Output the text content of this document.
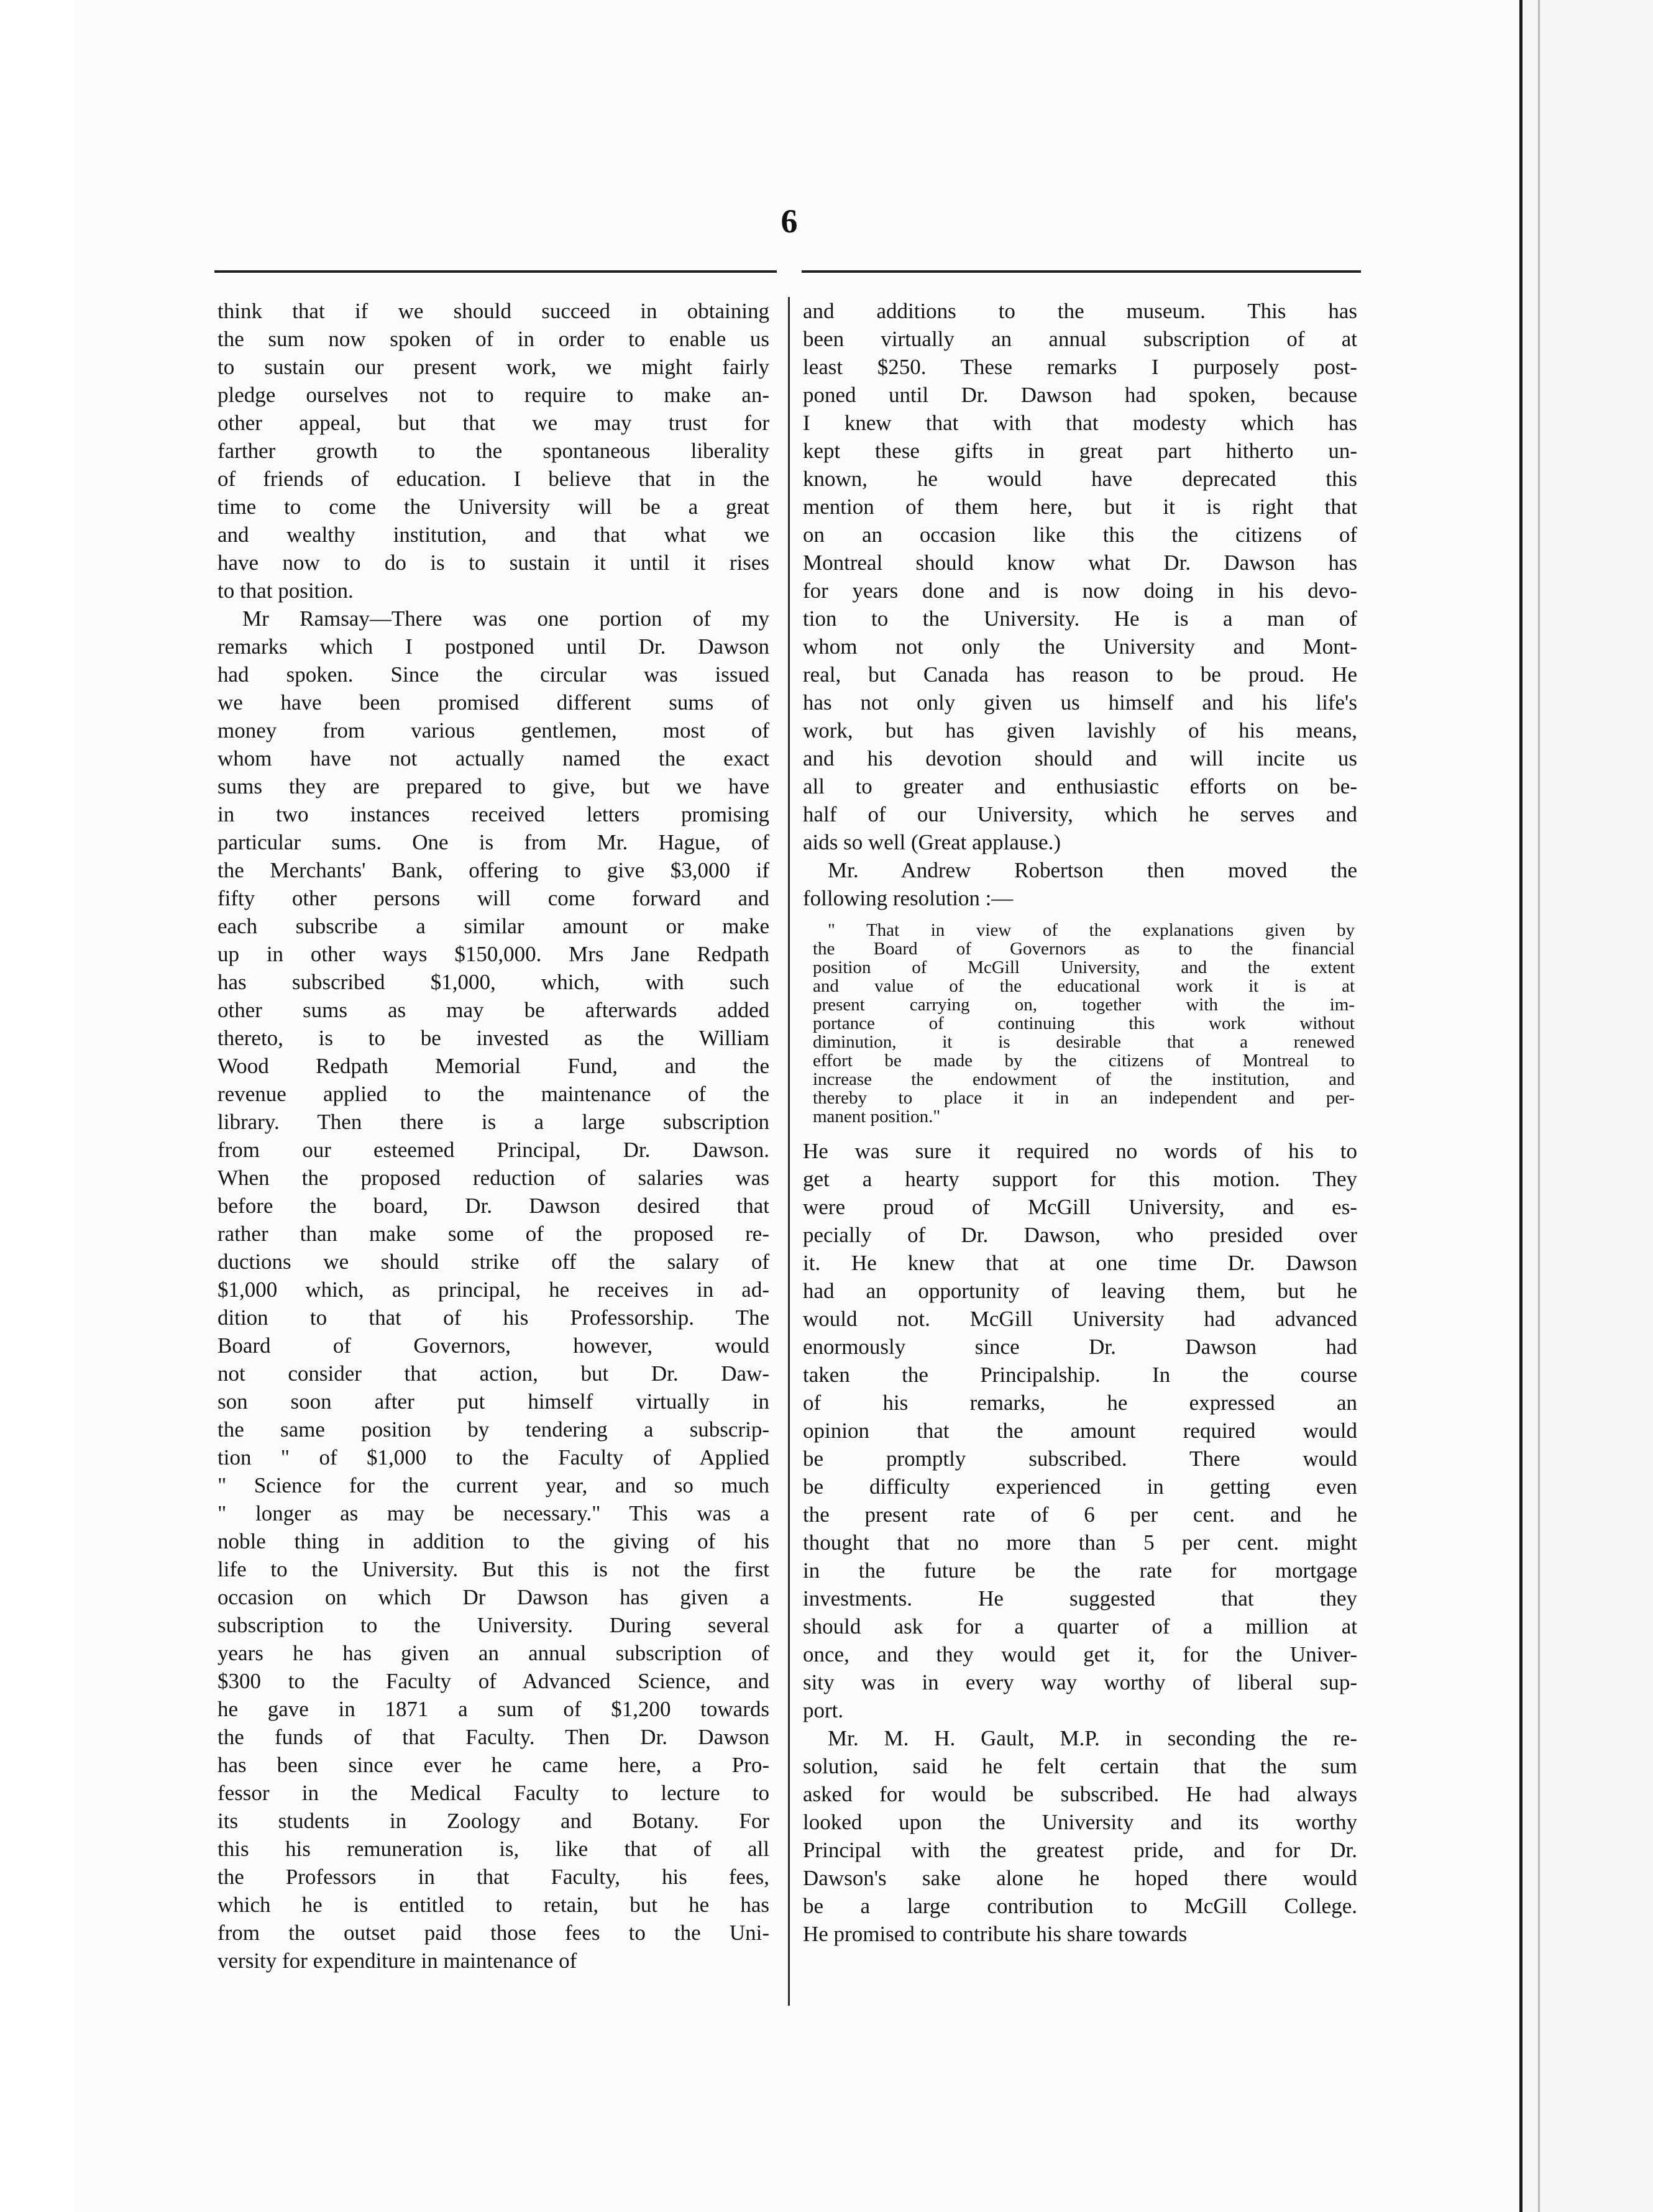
6
think that if we should succeed in obtaining
the sum now spoken of in order to enable us
to sustain our present work, we might fairly
pledge ourselves not to require to make an-
other appeal, but that we may trust for
farther growth to the spontaneous liberality
of friends of education. I believe that in the
time to come the University will be a great
and wealthy institution, and that what we
have now to do is to sustain it until it rises
to that position.
Mr Ramsay—There was one portion of my
remarks which I postponed until Dr. Dawson
had spoken. Since the circular was issued
we have been promised different sums of
money from various gentlemen, most of
whom have not actually named the exact
sums they are prepared to give, but we have
in two instances received letters promising
particular sums. One is from Mr. Hague, of
the Merchants' Bank, offering to give $3,000 if
fifty other persons will come forward and
each subscribe a similar amount or make
up in other ways $150,000. Mrs Jane Redpath
has subscribed $1,000, which, with such
other sums as may be afterwards added
thereto, is to be invested as the William
Wood Redpath Memorial Fund, and the
revenue applied to the maintenance of the
library. Then there is a large subscription
from our esteemed Principal, Dr. Dawson.
When the proposed reduction of salaries was
before the board, Dr. Dawson desired that
rather than make some of the proposed re-
ductions we should strike off the salary of
$1,000 which, as principal, he receives in ad-
dition to that of his Professorship. The
Board of Governors, however, would
not consider that action, but Dr. Daw-
son soon after put himself virtually in
the same position by tendering a subscrip-
tion " of $1,000 to the Faculty of Applied
" Science for the current year, and so much
" longer as may be necessary." This was a
noble thing in addition to the giving of his
life to the University. But this is not the first
occasion on which Dr Dawson has given a
subscription to the University. During several
years he has given an annual subscription of
$300 to the Faculty of Advanced Science, and
he gave in 1871 a sum of $1,200 towards
the funds of that Faculty. Then Dr. Dawson
has been since ever he came here, a Pro-
fessor in the Medical Faculty to lecture to
its students in Zoology and Botany. For
this his remuneration is, like that of all
the Professors in that Faculty, his fees,
which he is entitled to retain, but he has
from the outset paid those fees to the Uni-
versity for expenditure in maintenance of
and additions to the museum. This has
been virtually an annual subscription of at
least $250. These remarks I purposely post-
poned until Dr. Dawson had spoken, because
I knew that with that modesty which has
kept these gifts in great part hitherto un-
known, he would have deprecated this
mention of them here, but it is right that
on an occasion like this the citizens of
Montreal should know what Dr. Dawson has
for years done and is now doing in his devo-
tion to the University. He is a man of
whom not only the University and Mont-
real, but Canada has reason to be proud. He
has not only given us himself and his life's
work, but has given lavishly of his means,
and his devotion should and will incite us
all to greater and enthusiastic efforts on be-
half of our University, which he serves and
aids so well (Great applause.)
Mr. Andrew Robertson then moved the
following resolution :—
" That in view of the explanations given by
the Board of Governors as to the financial
position of McGill University, and the extent
and value of the educational work it is at
present carrying on, together with the im-
portance of continuing this work without
diminution, it is desirable that a renewed
effort be made by the citizens of Montreal to
increase the endowment of the institution, and
thereby to place it in an independent and per-
manent position."
He was sure it required no words of his to
get a hearty support for this motion. They
were proud of McGill University, and es-
pecially of Dr. Dawson, who presided over
it. He knew that at one time Dr. Dawson
had an opportunity of leaving them, but he
would not. McGill University had advanced
enormously since Dr. Dawson had
taken the Principalship. In the course
of his remarks, he expressed an
opinion that the amount required would
be promptly subscribed. There would
be difficulty experienced in getting even
the present rate of 6 per cent. and he
thought that no more than 5 per cent. might
in the future be the rate for mortgage
investments. He suggested that they
should ask for a quarter of a million at
once, and they would get it, for the Univer-
sity was in every way worthy of liberal sup-
port.
Mr. M. H. Gault, M.P. in seconding the re-
solution, said he felt certain that the sum
asked for would be subscribed. He had always
looked upon the University and its worthy
Principal with the greatest pride, and for Dr.
Dawson's sake alone he hoped there would
be a large contribution to McGill College.
He promised to contribute his share towards
